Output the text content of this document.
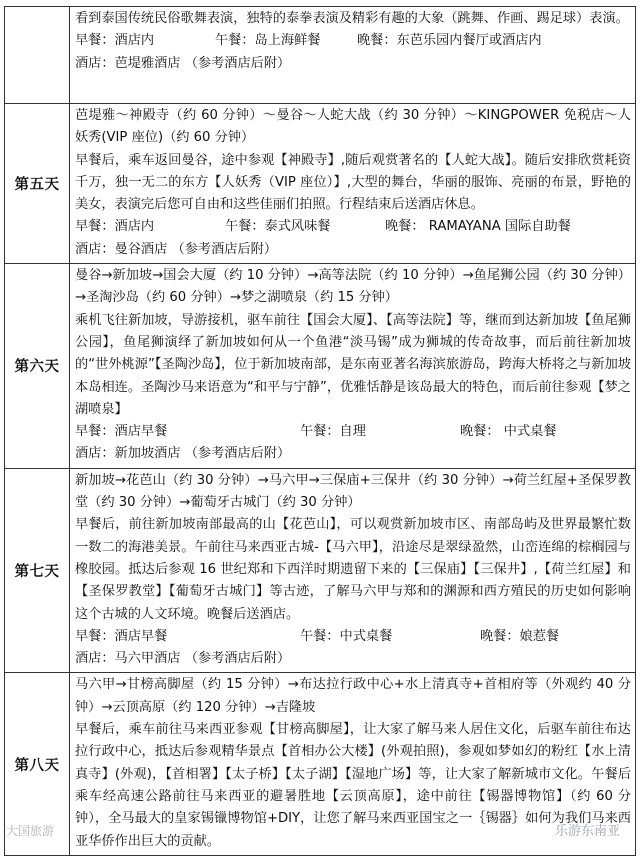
	看到泰国传统民俗歌舞表演，独特的泰拳表演及精彩有趣的大象（跳舞、作画、踢足球）表演。

早餐：酒店内 午餐：岛上海鲜餐 晚餐：东芭乐园内餐厅或酒店内

酒店：芭堤雅酒店 （参考酒店后附）

第五天	芭堤雅～神殿寺（约 60 分钟）～曼谷～人蛇大战（约 30 分钟）～KINGPOWER 免税店～人妖秀(VIP 座位)（约 60 分钟）

早餐后，乘车返回曼谷，途中参观【神殿寺】,随后观赏著名的【人蛇大战】。随后安排欣赏耗资千万，独一无二的东方【人妖秀（VIP 座位）】,大型的舞台，华丽的服饰、亮丽的布景，野艳的美女，表演完后您可自由和这些佳丽们拍照。行程结束后送酒店休息。

早餐：酒店内 午餐：泰式风味餐 晚餐： RAMAYANA 国际自助餐

酒店：曼谷酒店 （参考酒店后附）

第六天	曼谷→新加坡→国会大厦（约 10 分钟）→高等法院（约 10 分钟）→鱼尾狮公园（约 30 分钟）→圣淘沙岛（约 60 分钟）→梦之湖喷泉（约 15 分钟）

乘机飞往新加坡，导游接机，驱车前往【国会大厦】、【高等法院】等，继而到达新加坡【鱼尾狮公园】，鱼尾狮演绎了新加坡如何从一个鱼港“淡马锡”成为狮城的传奇故事，而后前往新加坡的“世外桃源”【圣陶沙岛】，位于新加坡南部，是东南亚著名海滨旅游岛，跨海大桥将之与新加坡本岛相连。圣陶沙马来语意为“和平与宁静”，优雅恬静是该岛最大的特色，而后前往参观【梦之湖喷泉】

早餐：酒店早餐 午餐：自理 晚餐： 中式桌餐

酒店：新加坡酒店 （参考酒店后附）

第七天	新加坡→花芭山（约 30 分钟）→马六甲→三保庙+三保井（约 30 分钟）→荷兰红屋+圣保罗教堂（约 30 分钟）→葡萄牙古城门（约 30 分钟）

早餐后，前往新加坡南部最高的山【花芭山】，可以观赏新加坡市区、南部岛屿及世界最繁忙数一数二的海港美景。午前往马来西亚古城-【马六甲】，沿途尽是翠绿盈然，山峦连绵的棕榈园与橡胶园。抵达后参观 16 世纪郑和下西洋时期遗留下来的【三保庙】【三保井】,【荷兰红屋】和【圣保罗教堂】【葡萄牙古城门】等古迹，了解马六甲与郑和的渊源和西方殖民的历史如何影响这个古城的人文环境。晚餐后送酒店。

早餐：酒店早餐 午餐：中式桌餐 晚餐：娘惹餐

酒店：马六甲酒店 （参考酒店后附）

第八天	马六甲→甘榜高脚屋（约 15 分钟）→布达拉行政中心+水上清真寺+首相府等（外观约 40 分钟）→云顶高原（约 120 分钟）→吉隆坡

早餐后，乘车前往马来西亚参观【甘榜高脚屋】，让大家了解马来人居住文化，后驱车前往布达拉行政中心，抵达后参观精华景点【首相办公大楼】(外观拍照)，参观如梦如幻的粉红【水上清真寺】(外观)，【首相署】【太子桥】【太子湖】【湿地广场】等，让大家了解新城市文化。午餐后乘车经高速公路前往马来西亚的避暑胜地【云顶高原】，途中前往【锡器博物馆】（约 60 分钟），全马最大的皇家锡镴博物馆+DIY，让您了解马来西亚国宝之一｛锡器｝如何为我们马来西亚华侨作出巨大的贡献。

大国旅游	乐游东南亚
